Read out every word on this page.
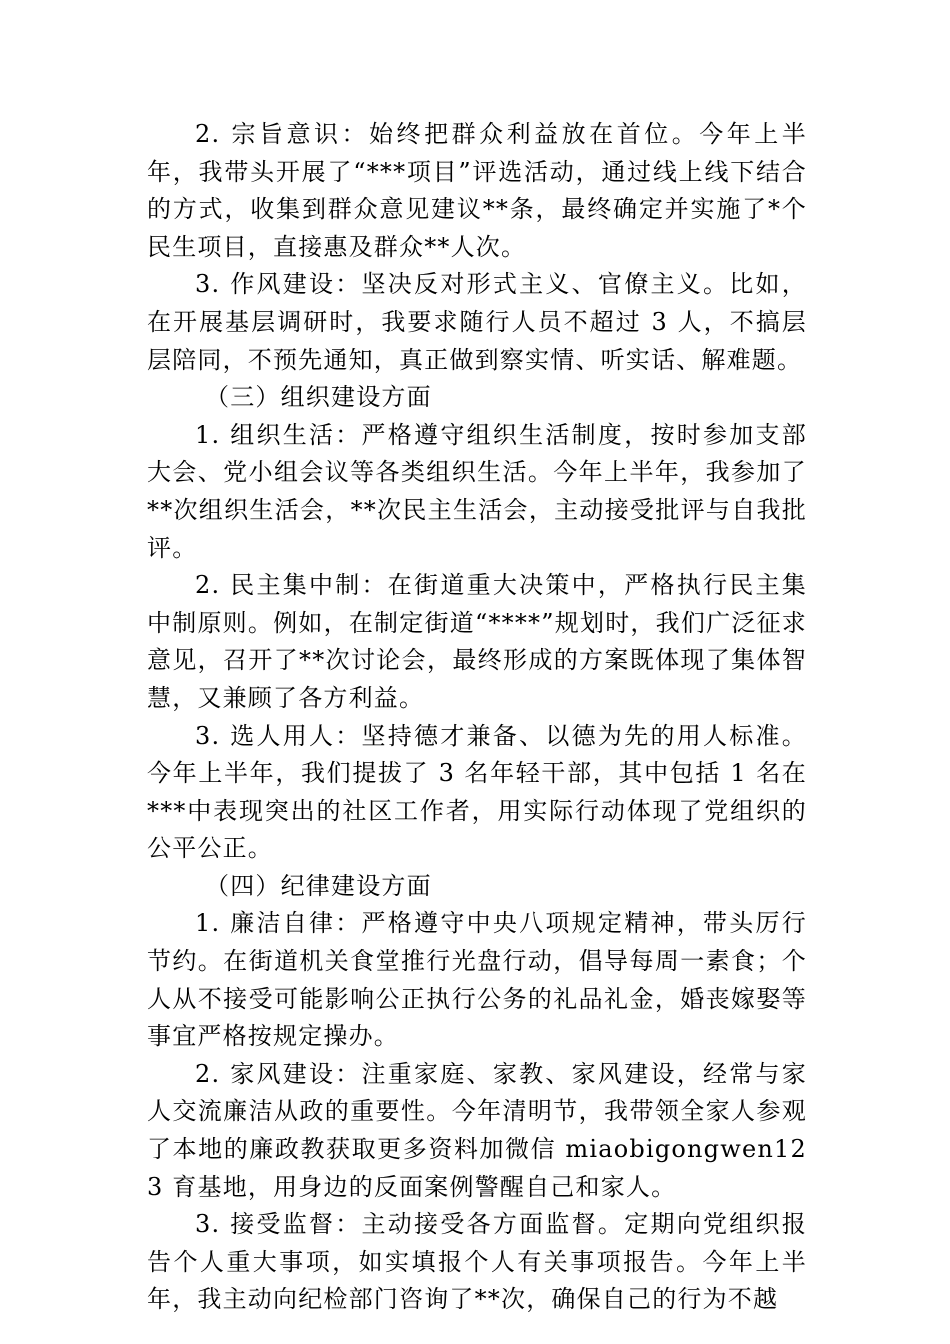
2. 宗旨意识：始终把群众利益放在首位。今年上半年，我带头开展了“***项目”评选活动，通过线上线下结合的方式，收集到群众意见建议**条，最终确定并实施了*个民生项目，直接惠及群众**人次。

3. 作风建设：坚决反对形式主义、官僚主义。比如，在开展基层调研时，我要求随行人员不超过 3 人，不搞层层陪同，不预先通知，真正做到察实情、听实话、解难题。

（三）组织建设方面

1. 组织生活：严格遵守组织生活制度，按时参加支部大会、党小组会议等各类组织生活。今年上半年，我参加了**次组织生活会，**次民主生活会，主动接受批评与自我批评。

2. 民主集中制：在街道重大决策中，严格执行民主集中制原则。例如，在制定街道“****”规划时，我们广泛征求意见，召开了**次讨论会，最终形成的方案既体现了集体智慧，又兼顾了各方利益。

3. 选人用人：坚持德才兼备、以德为先的用人标准。今年上半年，我们提拔了 3 名年轻干部，其中包括 1 名在***中表现突出的社区工作者，用实际行动体现了党组织的公平公正。

（四）纪律建设方面

1. 廉洁自律：严格遵守中央八项规定精神，带头厉行节约。在街道机关食堂推行光盘行动，倡导每周一素食；个人从不接受可能影响公正执行公务的礼品礼金，婚丧嫁娶等事宜严格按规定操办。

2. 家风建设：注重家庭、家教、家风建设，经常与家人交流廉洁从政的重要性。今年清明节，我带领全家人参观了本地的廉政教获取更多资料加微信 miaobigongwen123 育基地，用身边的反面案例警醒自己和家人。

3. 接受监督：主动接受各方面监督。定期向党组织报告个人重大事项，如实填报个人有关事项报告。今年上半年，我主动向纪检部门咨询了**次，确保自己的行为不越
